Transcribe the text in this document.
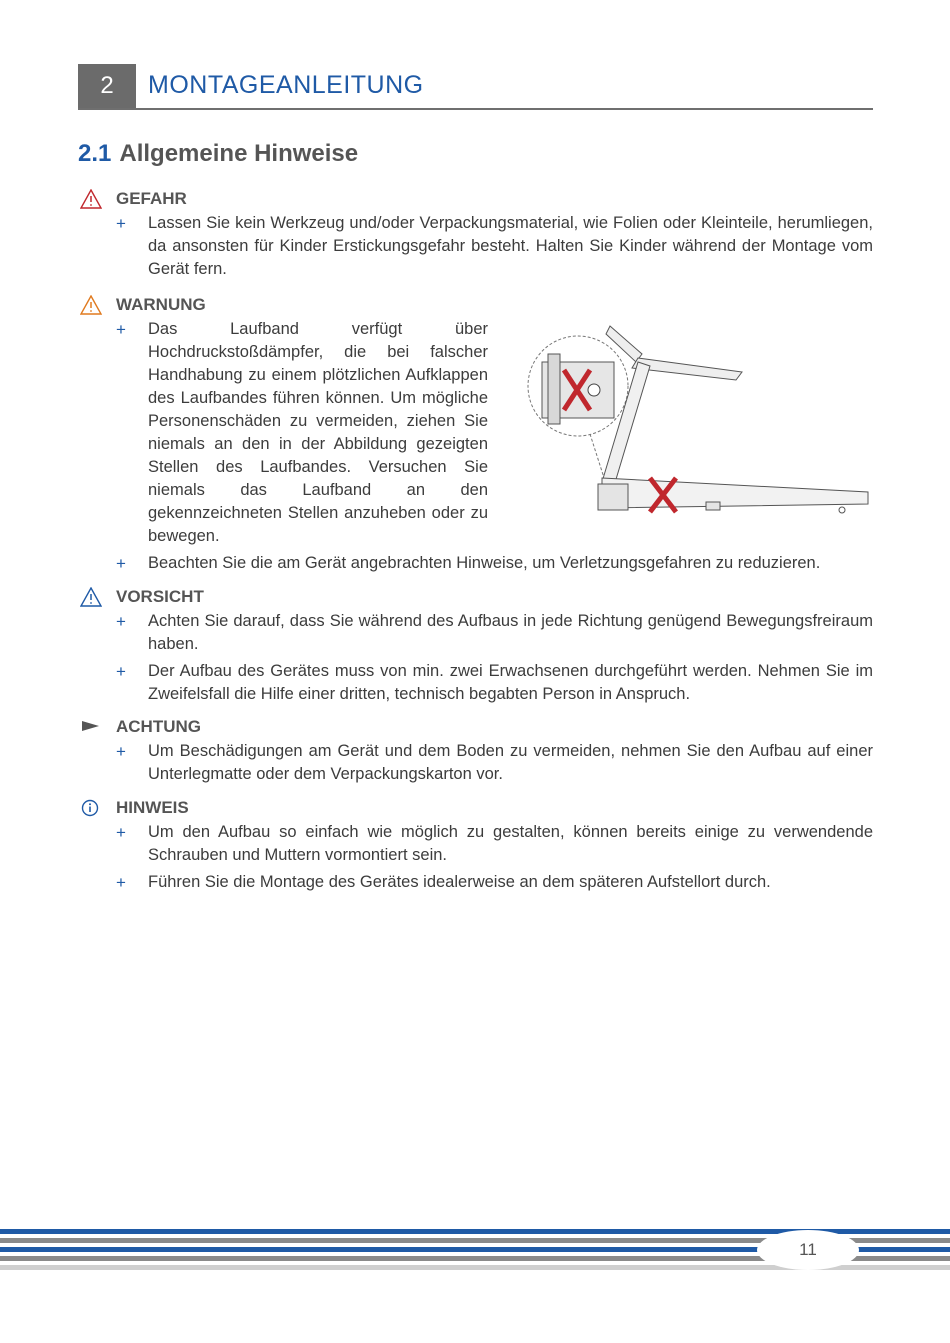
2	MONTAGEANLEITUNG
2.1 Allgemeine Hinweise
GEFAHR
+ Lassen Sie kein Werkzeug und/oder Verpackungsmaterial, wie Folien oder Kleinteile, herumliegen, da ansonsten für Kinder Erstickungsgefahr besteht. Halten Sie Kinder während der Montage vom Gerät fern.
WARNUNG
+ Das Laufband verfügt über Hochdruckstoßdämpfer, die bei falscher Handhabung zu einem plötzlichen Aufklappen des Laufbandes führen können. Um mögliche Personenschäden zu vermeiden, ziehen Sie niemals an den in der Abbildung gezeigten Stellen des Laufbandes. Versuchen Sie niemals das Laufband an den gekennzeichneten Stellen anzuheben oder zu bewegen.
+ Beachten Sie die am Gerät angebrachten Hinweise, um Verletzungsgefahren zu reduzieren.
VORSICHT
+ Achten Sie darauf, dass Sie während des Aufbaus in jede Richtung genügend Bewegungsfreiraum haben.
+ Der Aufbau des Gerätes muss von min. zwei Erwachsenen durchgeführt werden. Nehmen Sie im Zweifelsfall die Hilfe einer dritten, technisch begabten Person in Anspruch.
ACHTUNG
+ Um Beschädigungen am Gerät und dem Boden zu vermeiden, nehmen Sie den Aufbau auf einer Unterlegmatte oder dem Verpackungskarton vor.
HINWEIS
+ Um den Aufbau so einfach wie möglich zu gestalten, können bereits einige zu verwendende Schrauben und Muttern vormontiert sein.
+ Führen Sie die Montage des Gerätes idealerweise an dem späteren Aufstellort durch.
11
